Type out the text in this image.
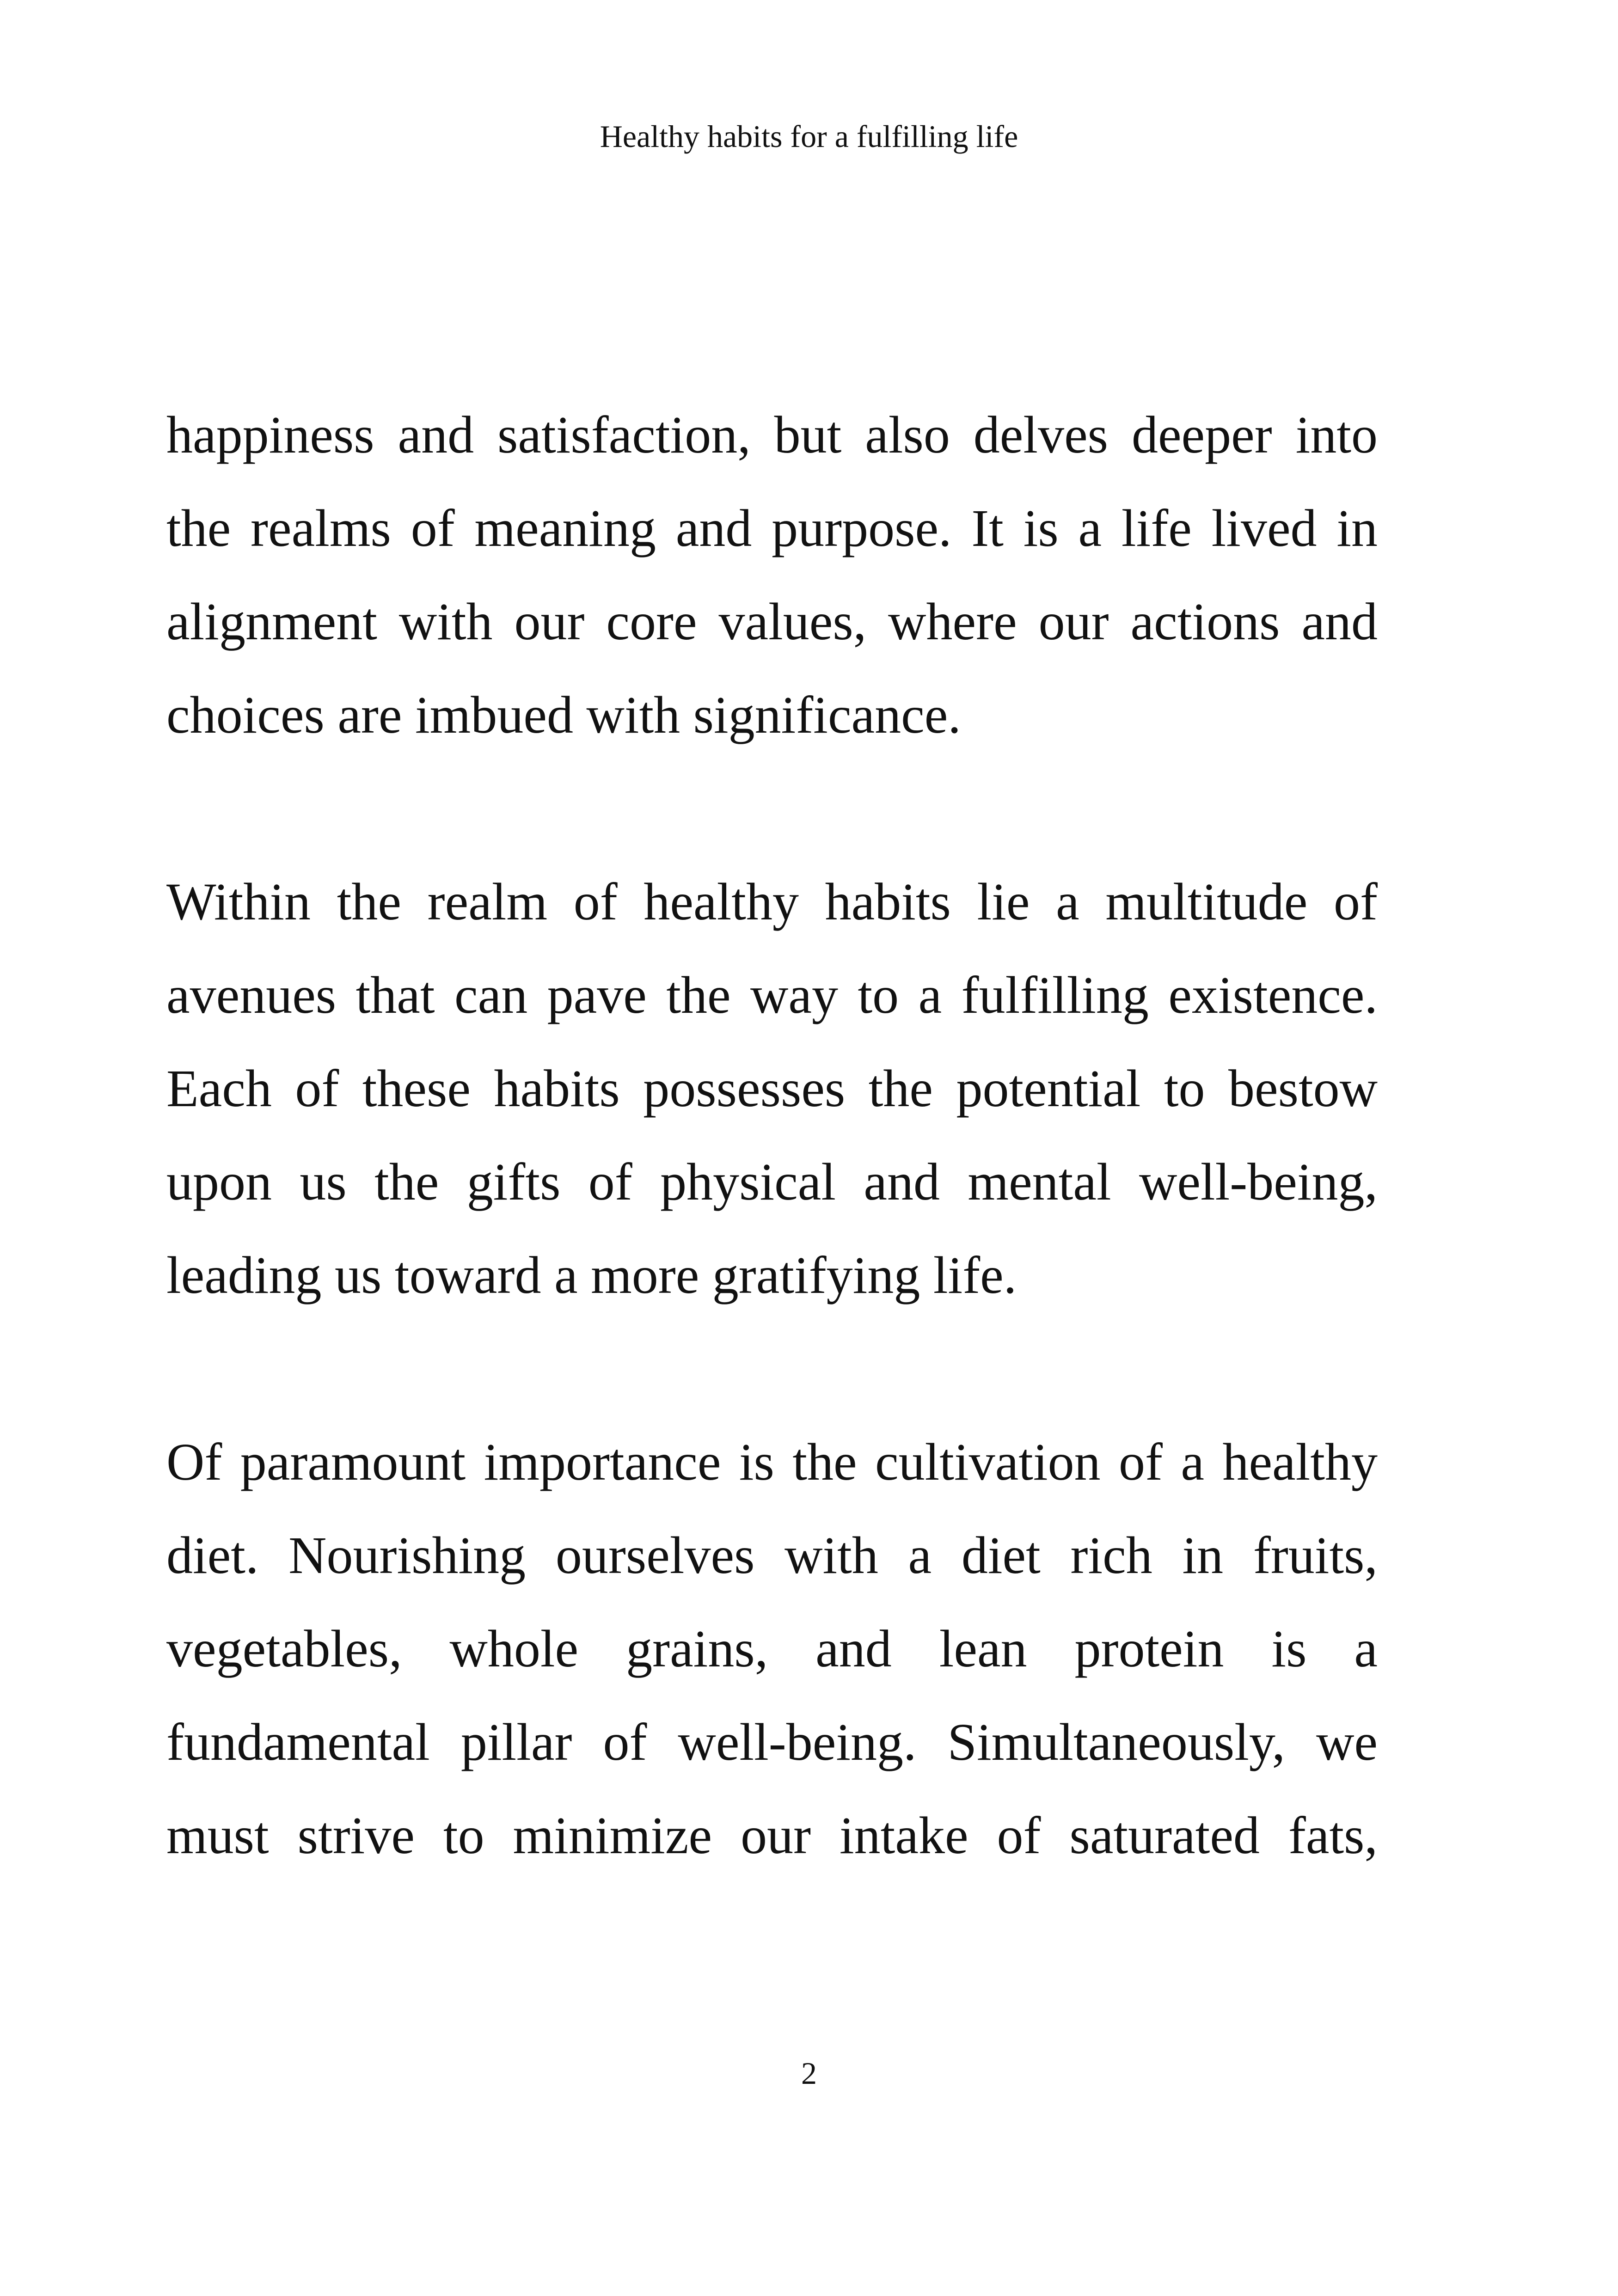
Healthy habits for a fulfilling life

happiness and satisfaction, but also delves deeper into the realms of meaning and purpose. It is a life lived in alignment with our core values, where our actions and choices are imbued with significance.

Within the realm of healthy habits lie a multitude of avenues that can pave the way to a fulfilling existence. Each of these habits possesses the potential to bestow upon us the gifts of physical and mental well-being, leading us toward a more gratifying life.

Of paramount importance is the cultivation of a healthy diet. Nourishing ourselves with a diet rich in fruits, vegetables, whole grains, and lean protein is a fundamental pillar of well-being. Simultaneously, we must strive to minimize our intake of saturated fats,

2
